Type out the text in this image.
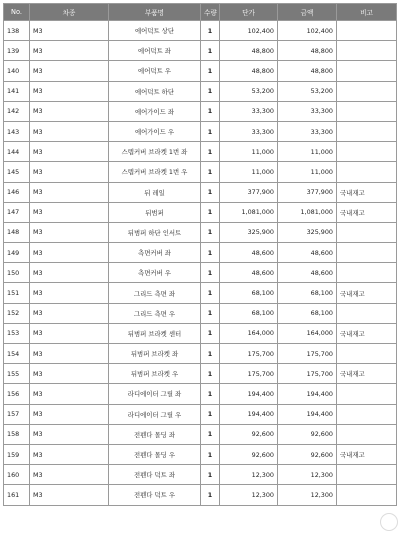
No.	차종	부품명	수량	단가	금액	비고
138	M3	에어덕트 상단	1	102,400	102,400	
139	M3	에어덕트 좌	1	48,800	48,800	
140	M3	에어덕트 우	1	48,800	48,800	
141	M3	에어덕트 하단	1	53,200	53,200	
142	M3	에어가이드 좌	1	33,300	33,300	
143	M3	에어가이드 우	1	33,300	33,300	
144	M3	스텝커버 브라켓 1번 좌	1	11,000	11,000	
145	M3	스텝커버 브라켓 1번 우	1	11,000	11,000	
146	M3	뒤 레일	1	377,900	377,900	국내재고
147	M3	뒤범퍼	1	1,081,000	1,081,000	국내재고
148	M3	뒤범퍼 하단 인서트	1	325,900	325,900	
149	M3	측면커버 좌	1	48,600	48,600	
150	M3	측면커버 우	1	48,600	48,600	
151	M3	그리드 측면 좌	1	68,100	68,100	국내재고
152	M3	그리드 측면 우	1	68,100	68,100	
153	M3	뒤범퍼 브라켓 센터	1	164,000	164,000	국내재고
154	M3	뒤범퍼 브라켓 좌	1	175,700	175,700	
155	M3	뒤범퍼 브라켓 우	1	175,700	175,700	국내재고
156	M3	라디에이터 그릴 좌	1	194,400	194,400	
157	M3	라디에이터 그릴 우	1	194,400	194,400	
158	M3	전펜다 몰딩 좌	1	92,600	92,600	
159	M3	전펜다 몰딩 우	1	92,600	92,600	국내재고
160	M3	전펜다 덕트 좌	1	12,300	12,300	
161	M3	전펜다 덕트 우	1	12,300	12,300	
